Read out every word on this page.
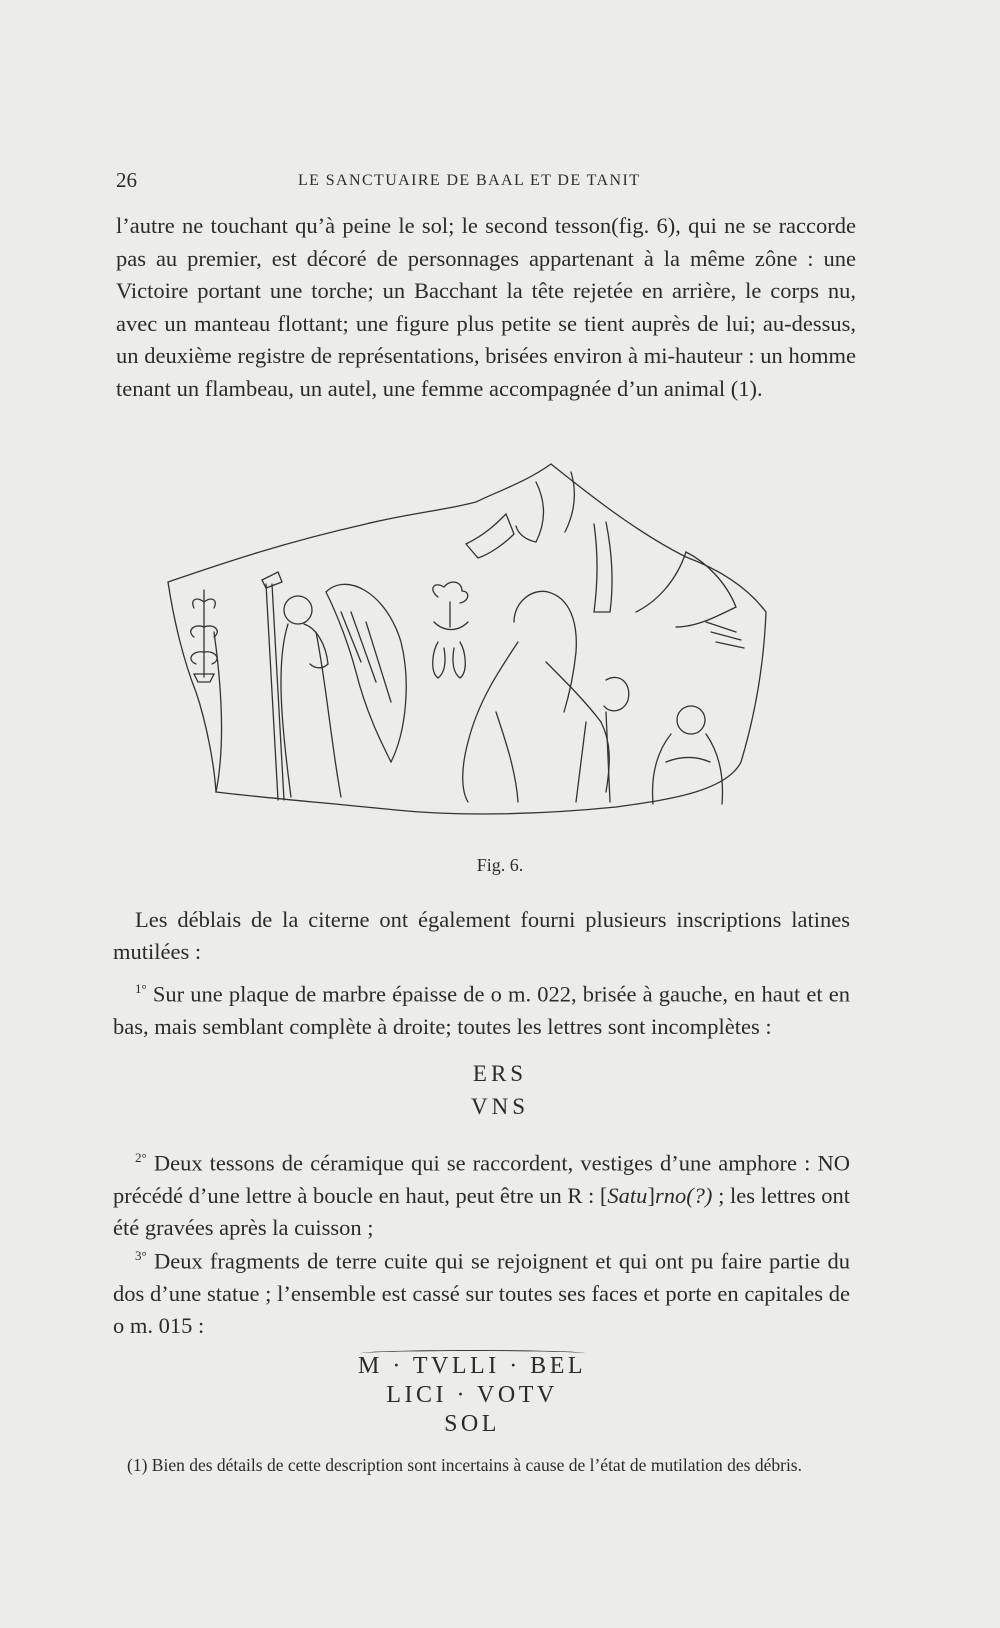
26	LE SANCTUAIRE DE BAAL ET DE TANIT
l’autre ne touchant qu’à peine le sol; le second tesson(fig. 6), qui ne se raccorde pas au premier, est décoré de personnages appartenant à la même zône : une Victoire portant une torche; un Bacchant la tête rejetée en arrière, le corps nu, avec un manteau flottant; une figure plus petite se tient auprès de lui; au-dessus, un deuxième registre de représentations, brisées environ à mi-hauteur : un homme tenant un flambeau, un autel, une femme accompagnée d’un animal (1).
Fig. 6.
Les déblais de la citerne ont également fourni plusieurs inscriptions latines mutilées :
$^{1^\circ}$ Sur une plaque de marbre épaisse de o m. 022, brisée à gauche, en haut et en bas, mais semblant complète à droite; toutes les lettres sont incomplètes :
ERS
VNS
$^{2^\circ}$ Deux tessons de céramique qui se raccordent, vestiges d’une amphore : NO précédé d’une lettre à boucle en haut, peut être un R : [Satu]rno(?) ; les lettres ont été gravées après la cuisson ;
$^{3^\circ}$ Deux fragments de terre cuite qui se rejoignent et qui ont pu faire partie du dos d’une statue ; l’ensemble est cassé sur toutes ses faces et porte en capitales de o m. 015 :
M · TVLLI · BEL
LICI · VOTV
SOL
(1) Bien des détails de cette description sont incertains à cause de l’état de mutilation des débris.
